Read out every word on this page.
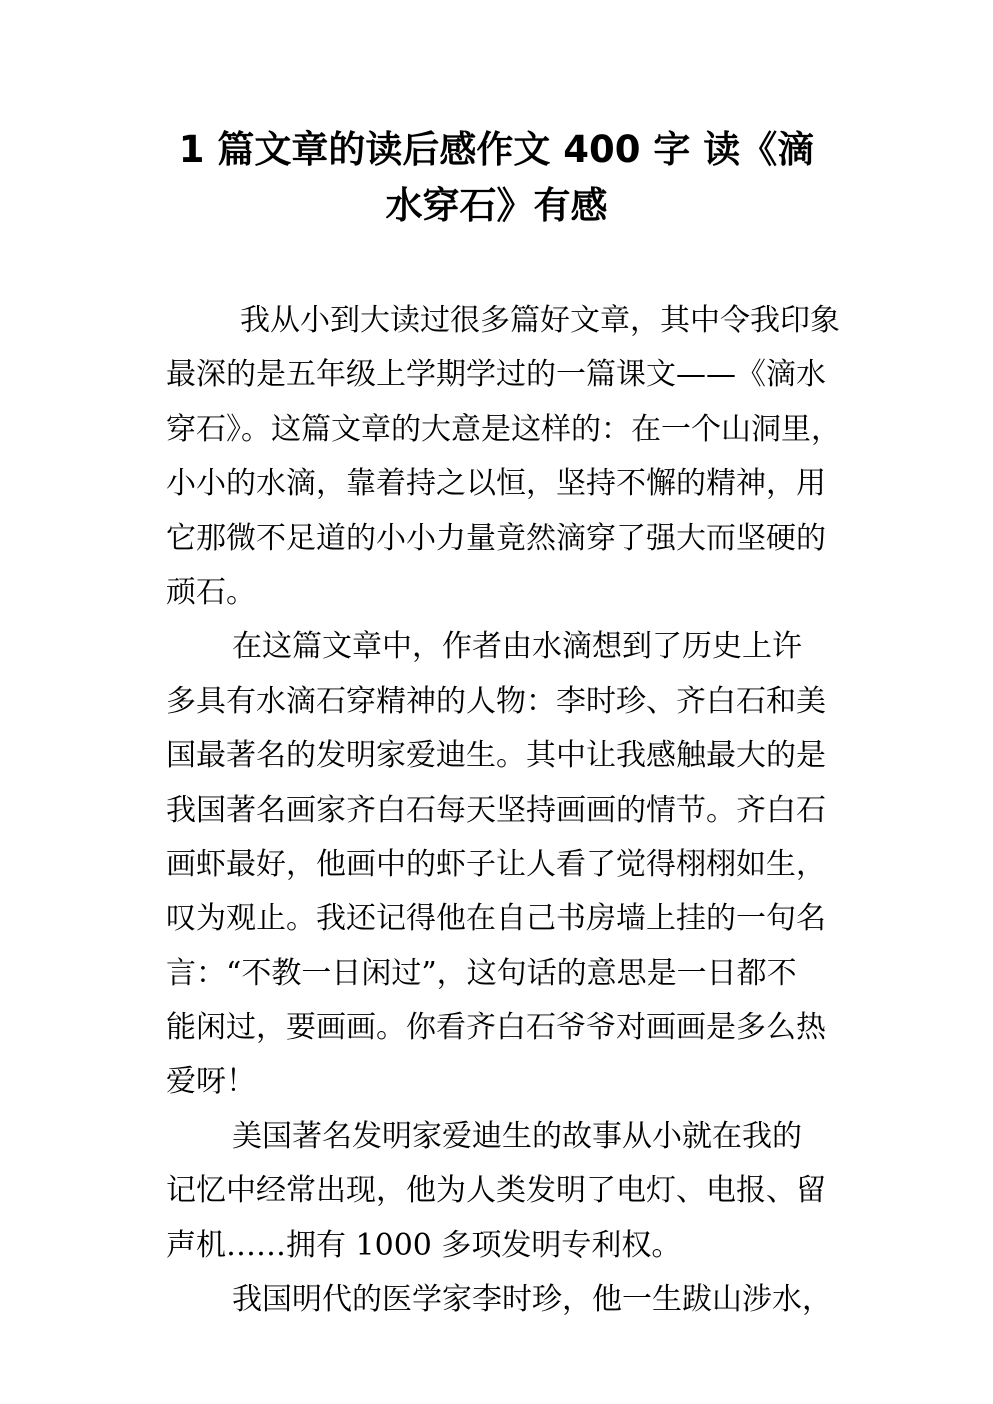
1 篇文章的读后感作文 400 字 读《滴
水穿石》有感
我从小到大读过很多篇好文章，其中令我印象
最深的是五年级上学期学过的一篇课文——《滴水
穿石》。这篇文章的大意是这样的：在一个山洞里，
小小的水滴，靠着持之以恒，坚持不懈的精神，用
它那微不足道的小小力量竟然滴穿了强大而坚硬的
顽石。
在这篇文章中，作者由水滴想到了历史上许
多具有水滴石穿精神的人物：李时珍、齐白石和美
国最著名的发明家爱迪生。其中让我感触最大的是
我国著名画家齐白石每天坚持画画的情节。齐白石
画虾最好，他画中的虾子让人看了觉得栩栩如生，
叹为观止。我还记得他在自己书房墙上挂的一句名
言：“不教一日闲过”，这句话的意思是一日都不
能闲过，要画画。你看齐白石爷爷对画画是多么热
爱呀！
美国著名发明家爱迪生的故事从小就在我的
记忆中经常出现，他为人类发明了电灯、电报、留
声机……拥有 1000 多项发明专利权。
我国明代的医学家李时珍，他一生跋山涉水，
